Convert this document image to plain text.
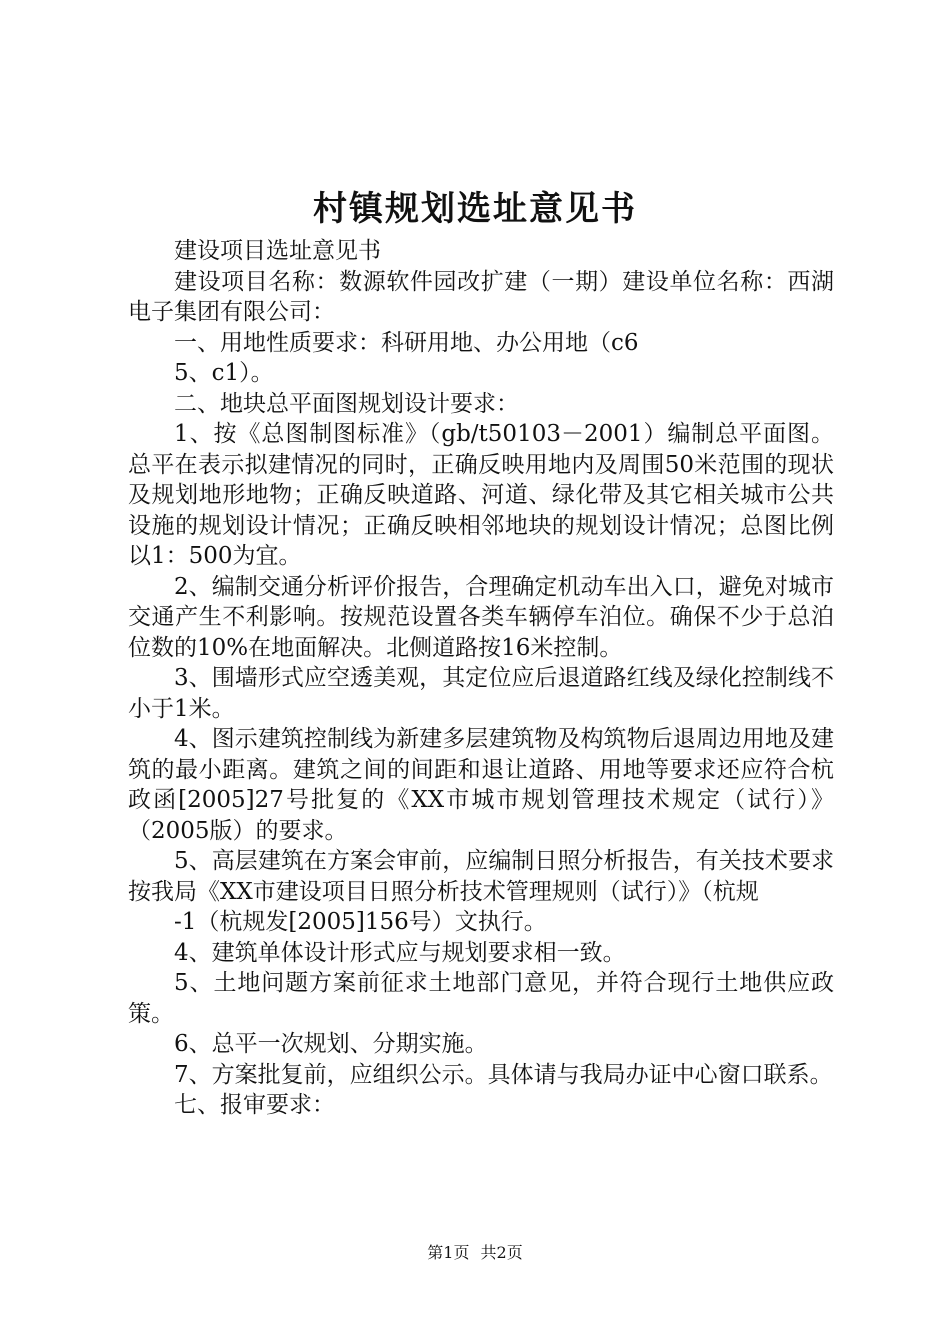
村镇规划选址意见书

建设项目选址意见书

建设项目名称：数源软件园改扩建（一期）建设单位名称：西湖电子集团有限公司：

一、用地性质要求：科研用地、办公用地（c6

5、c1）。

二、地块总平面图规划设计要求：

1、按《总图制图标准》（gb/t50103－2001）编制总平面图。总平在表示拟建情况的同时，正确反映用地内及周围50米范围的现状及规划地形地物；正确反映道路、河道、绿化带及其它相关城市公共设施的规划设计情况；正确反映相邻地块的规划设计情况；总图比例以1：500为宜。

2、编制交通分析评价报告，合理确定机动车出入口，避免对城市交通产生不利影响。按规范设置各类车辆停车泊位。确保不少于总泊位数的10%在地面解决。北侧道路按16米控制。

3、围墙形式应空透美观，其定位应后退道路红线及绿化控制线不小于1米。

4、图示建筑控制线为新建多层建筑物及构筑物后退周边用地及建筑的最小距离。建筑之间的间距和退让道路、用地等要求还应符合杭政函[2005]27号批复的《XX市城市规划管理技术规定（试行）》（2005版）的要求。

5、高层建筑在方案会审前，应编制日照分析报告，有关技术要求按我局《XX市建设项目日照分析技术管理规则（试行）》（杭规

-1（杭规发[2005]156号）文执行。

4、建筑单体设计形式应与规划要求相一致。

5、土地问题方案前征求土地部门意见，并符合现行土地供应政策。

6、总平一次规划、分期实施。

7、方案批复前，应组织公示。具体请与我局办证中心窗口联系。

七、报审要求：

第1页 共2页
